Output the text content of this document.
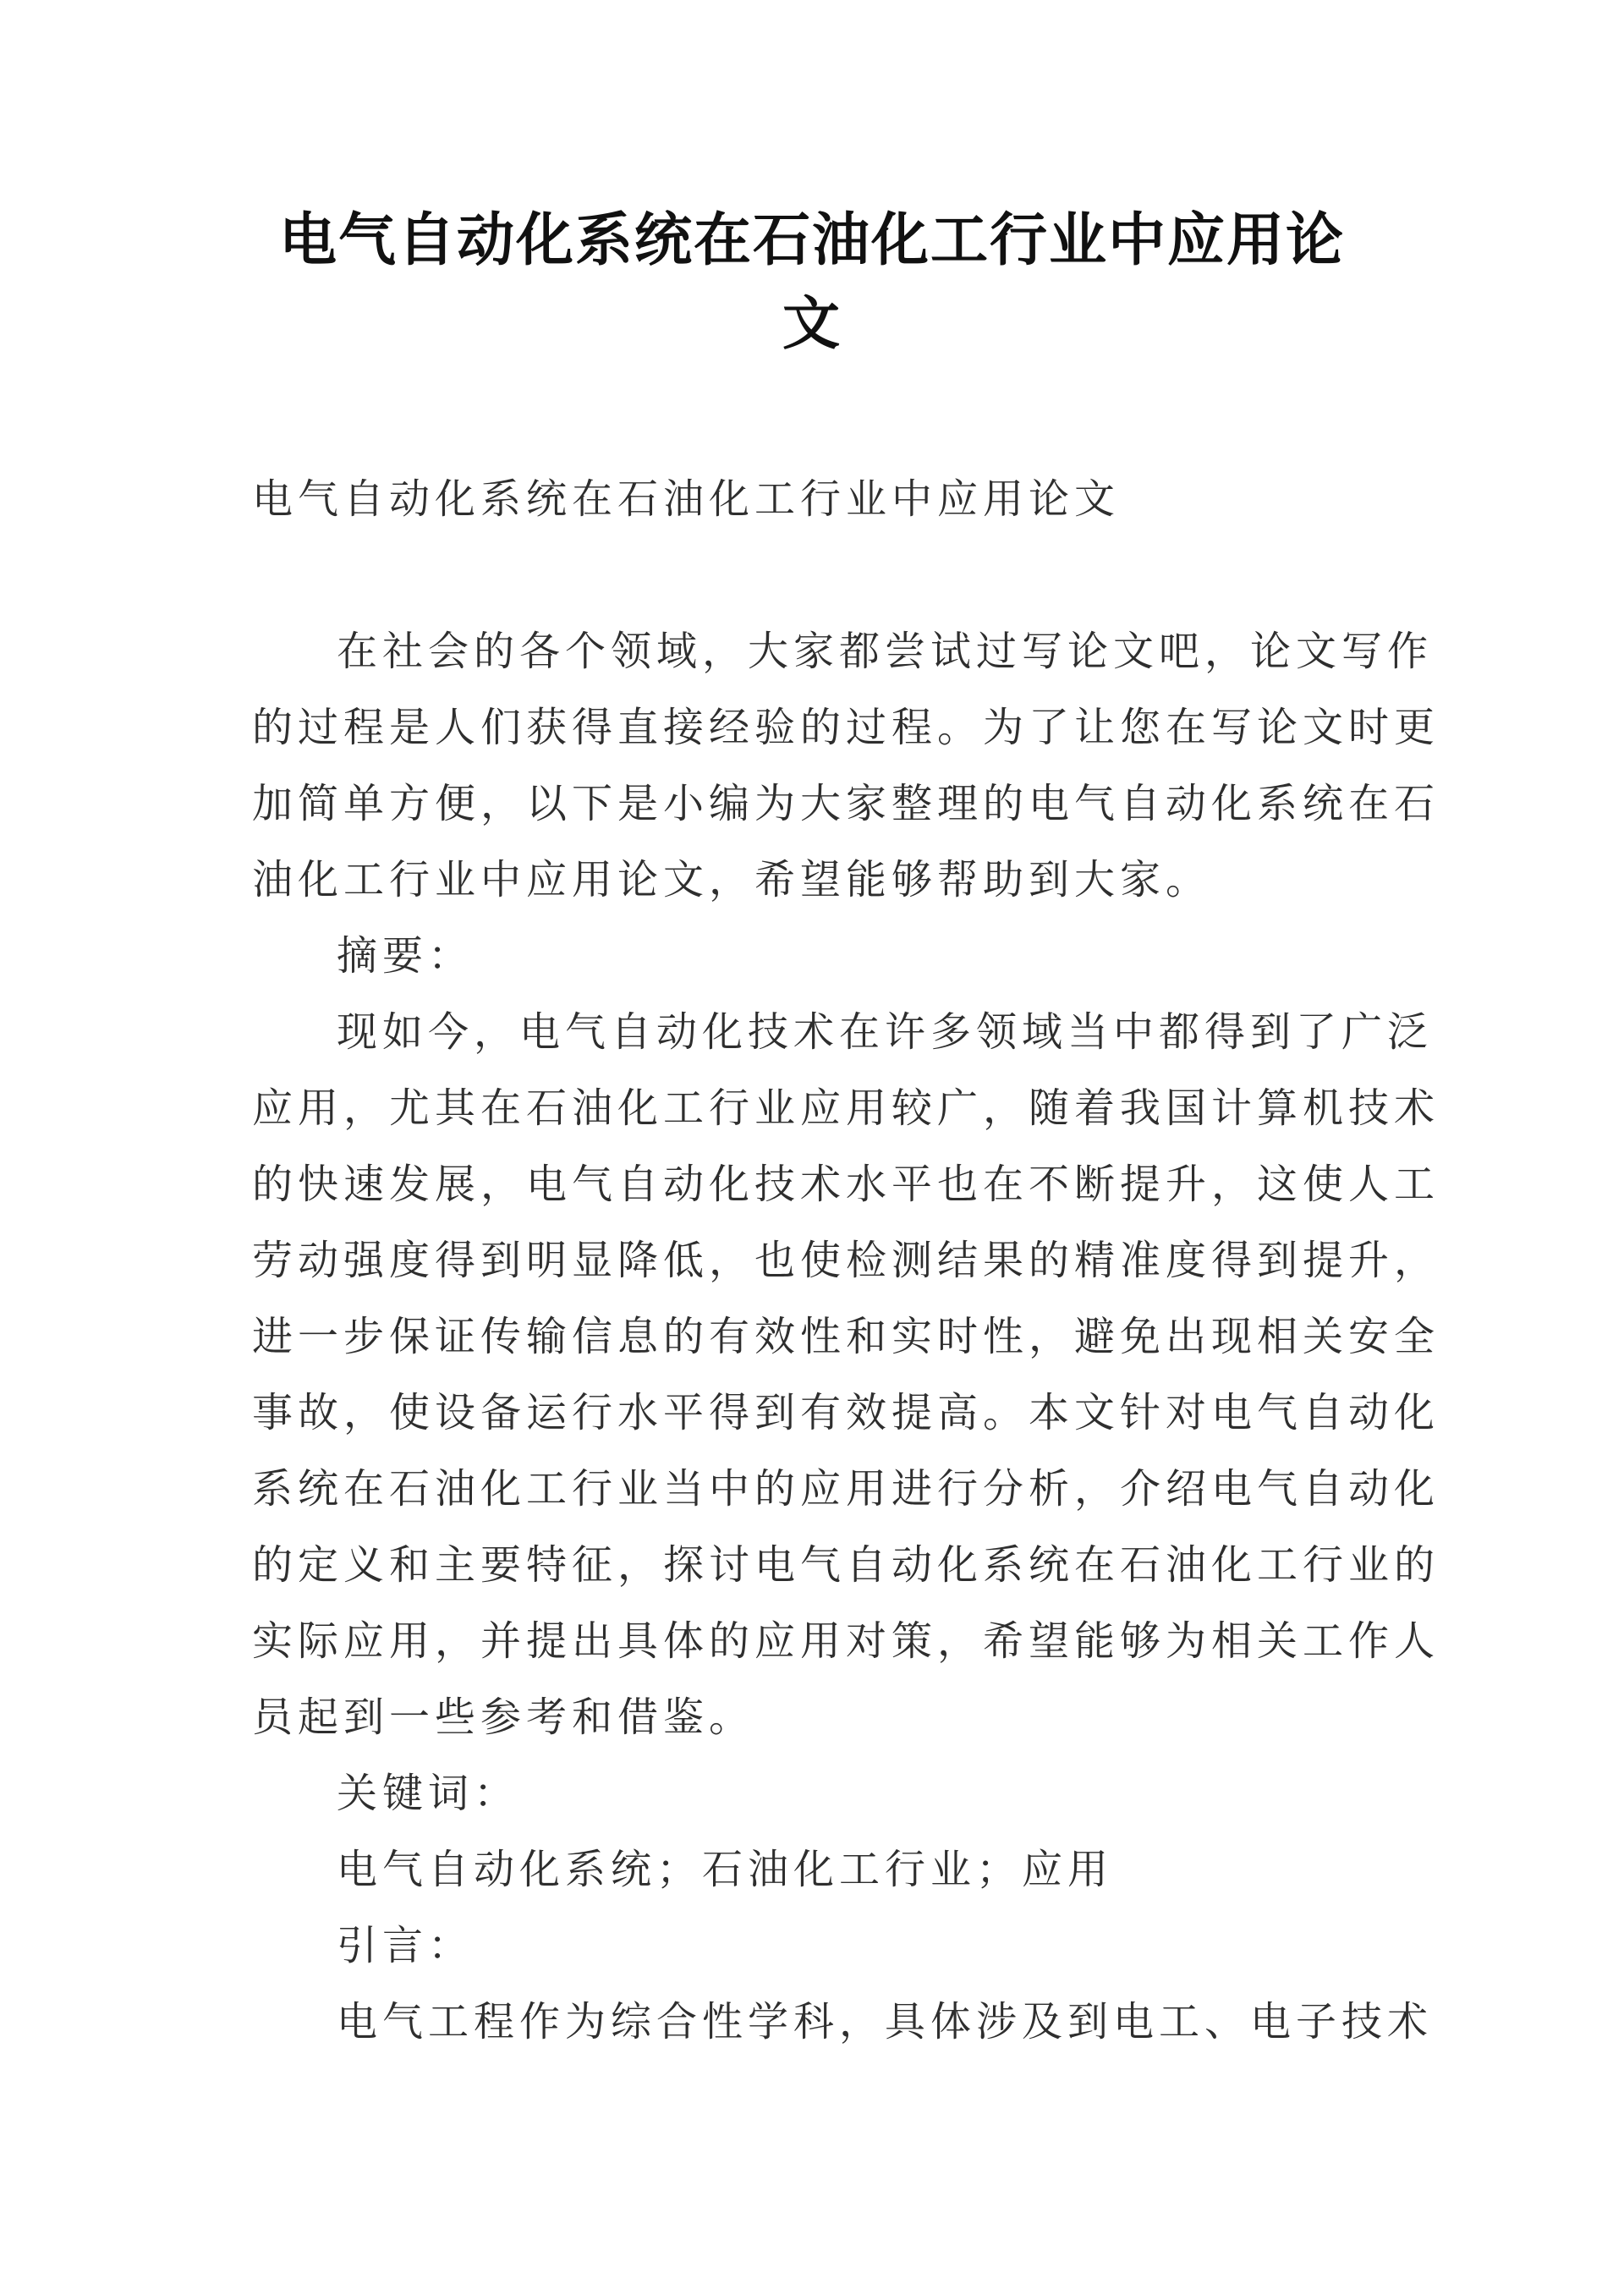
电气自动化系统在石油化工行业中应用论
文
电气自动化系统在石油化工行业中应用论文
在社会的各个领域，大家都尝试过写论文吧，论文写作
的过程是人们获得直接经验的过程。为了让您在写论文时更
加简单方便，以下是小编为大家整理的电气自动化系统在石
油化工行业中应用论文，希望能够帮助到大家。
摘要：
现如今，电气自动化技术在许多领域当中都得到了广泛
应用，尤其在石油化工行业应用较广，随着我国计算机技术
的快速发展，电气自动化技术水平也在不断提升，这使人工
劳动强度得到明显降低，也使检测结果的精准度得到提升，
进一步保证传输信息的有效性和实时性，避免出现相关安全
事故，使设备运行水平得到有效提高。本文针对电气自动化
系统在石油化工行业当中的应用进行分析，介绍电气自动化
的定义和主要特征，探讨电气自动化系统在石油化工行业的
实际应用，并提出具体的应用对策，希望能够为相关工作人
员起到一些参考和借鉴。
关键词：
电气自动化系统；石油化工行业；应用
引言：
电气工程作为综合性学科，具体涉及到电工、电子技术
